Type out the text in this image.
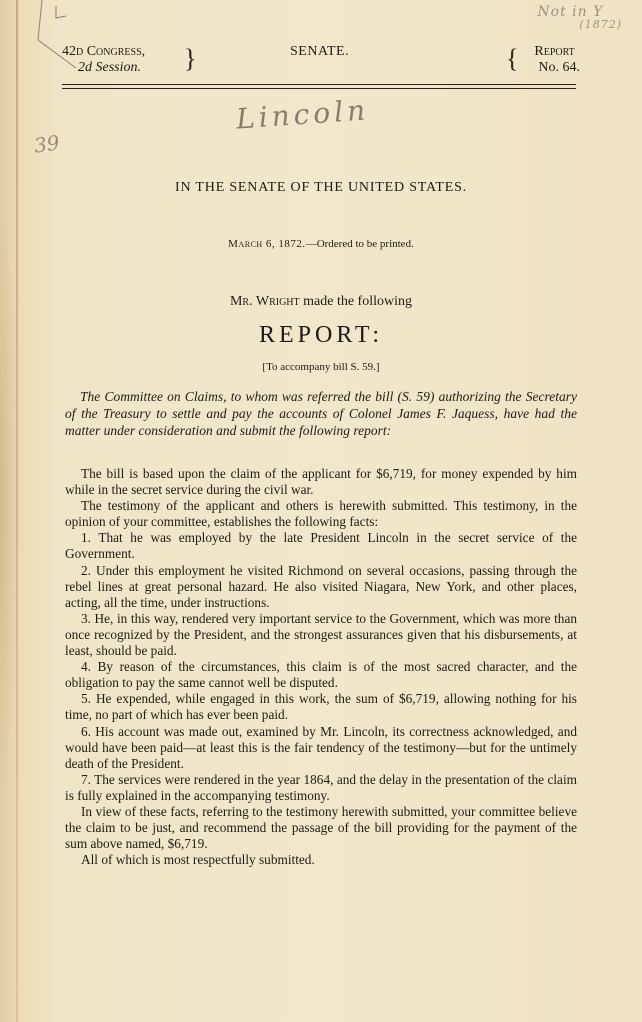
Not in Y
(1872)
42d Congress,
2d Session. }	SENATE.	{ Report
No. 64.
Lincoln
39
IN THE SENATE OF THE UNITED STATES.
March 6, 1872.—Ordered to be printed.
Mr. Wright made the following
REPORT:
[To accompany bill S. 59.]
The Committee on Claims, to whom was referred the bill (S. 59) authorizing the Secretary of the Treasury to settle and pay the accounts of Colonel James F. Jaquess, have had the matter under consideration and submit the following report:

The bill is based upon the claim of the applicant for $6,719, for money expended by him while in the secret service during the civil war.

The testimony of the applicant and others is herewith submitted. This testimony, in the opinion of your committee, establishes the following facts:

1. That he was employed by the late President Lincoln in the secret service of the Government.

2. Under this employment he visited Richmond on several occasions, passing through the rebel lines at great personal hazard. He also visited Niagara, New York, and other places, acting, all the time, under instructions.

3. He, in this way, rendered very important service to the Government, which was more than once recognized by the President, and the strongest assurances given that his disbursements, at least, should be paid.

4. By reason of the circumstances, this claim is of the most sacred character, and the obligation to pay the same cannot well be disputed.

5. He expended, while engaged in this work, the sum of $6,719, allowing nothing for his time, no part of which has ever been paid.

6. His account was made out, examined by Mr. Lincoln, its correctness acknowledged, and would have been paid—at least this is the fair tendency of the testimony—but for the untimely death of the President.

7. The services were rendered in the year 1864, and the delay in the presentation of the claim is fully explained in the accompanying testimony.

In view of these facts, referring to the testimony herewith submitted, your committee believe the claim to be just, and recommend the passage of the bill providing for the payment of the sum above named, $6,719.

All of which is most respectfully submitted.
